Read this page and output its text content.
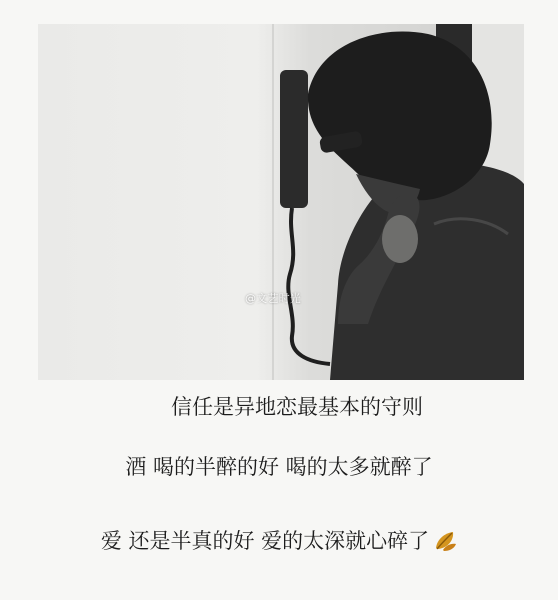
@文艺时光
信任是异地恋最基本的守则
酒 喝的半醉的好 喝的太多就醉了
爱 还是半真的好 爱的太深就心碎了
